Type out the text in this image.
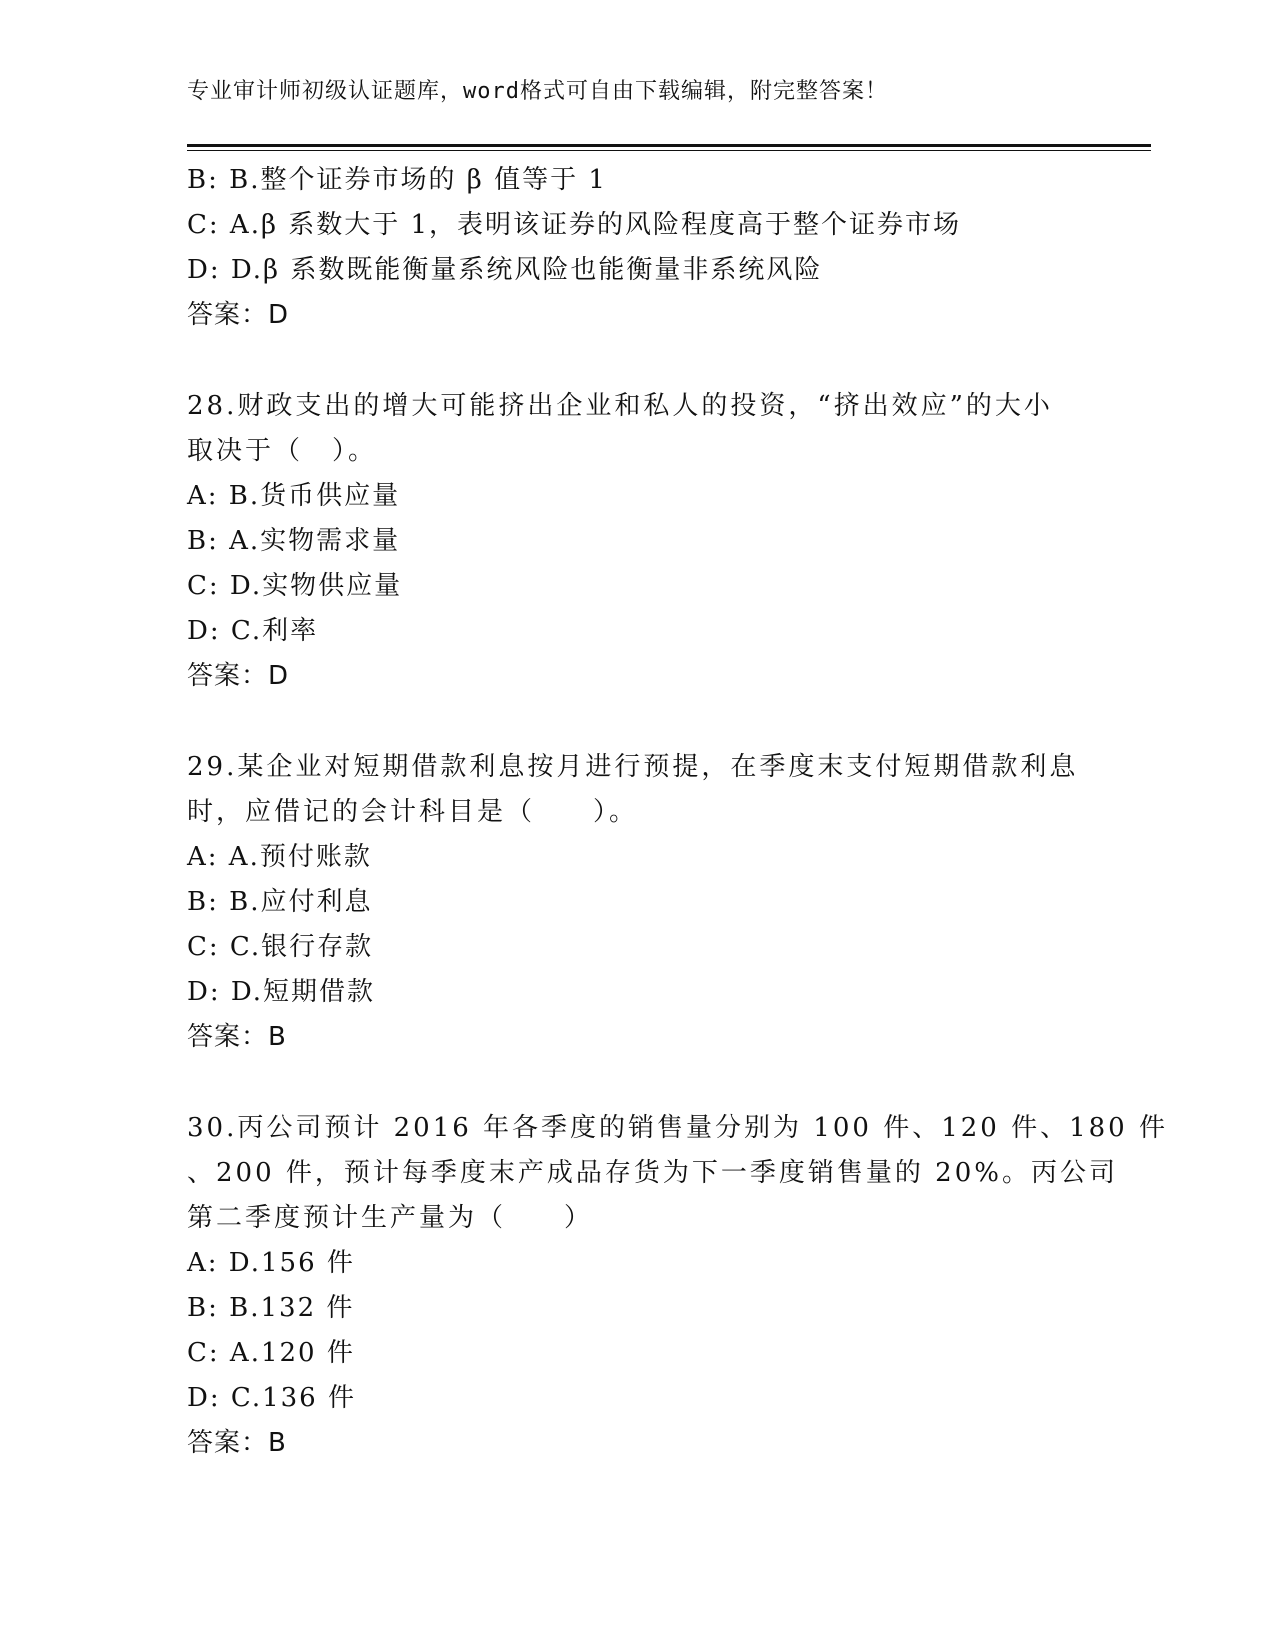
专业审计师初级认证题库，word格式可自由下载编辑，附完整答案！
B: B.整个证券市场的 β 值等于 1
C: A.β 系数大于 1，表明该证券的风险程度高于整个证券市场
D: D.β 系数既能衡量系统风险也能衡量非系统风险
答案：D
28.财政支出的增大可能挤出企业和私人的投资，“挤出效应”的大小
取决于（　）。
A: B.货币供应量
B: A.实物需求量
C: D.实物供应量
D: C.利率
答案：D
29.某企业对短期借款利息按月进行预提，在季度末支付短期借款利息
时，应借记的会计科目是（　　）。
A: A.预付账款
B: B.应付利息
C: C.银行存款
D: D.短期借款
答案：B
30.丙公司预计 2016 年各季度的销售量分别为 100 件、120 件、180 件
、200 件，预计每季度末产成品存货为下一季度销售量的 20%。丙公司
第二季度预计生产量为（　　）
A: D.156 件
B: B.132 件
C: A.120 件
D: C.136 件
答案：B
